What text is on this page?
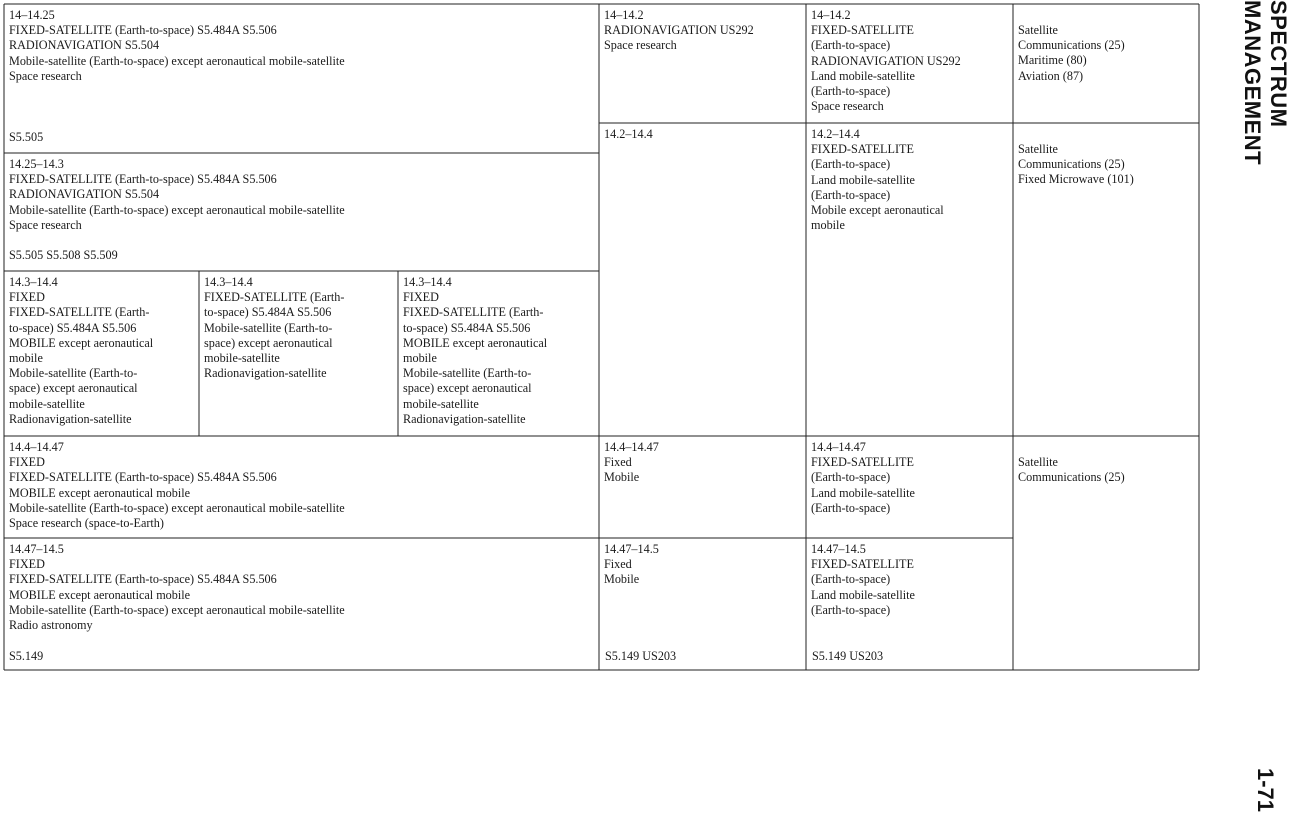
14–14.25
FIXED-SATELLITE (Earth-to-space) S5.484A S5.506
RADIONAVIGATION S5.504
Mobile-satellite (Earth-to-space) except aeronautical mobile-satellite
Space research
S5.505
14.25–14.3
FIXED-SATELLITE (Earth-to-space) S5.484A S5.506
RADIONAVIGATION S5.504
Mobile-satellite (Earth-to-space) except aeronautical mobile-satellite
Space research
S5.505 S5.508 S5.509
14.3–14.4
FIXED
FIXED-SATELLITE (Earth-
to-space) S5.484A S5.506
MOBILE except aeronautical
mobile
Mobile-satellite (Earth-to-
space) except aeronautical
mobile-satellite
Radionavigation-satellite
14.3–14.4
FIXED-SATELLITE (Earth-
to-space) S5.484A S5.506
Mobile-satellite (Earth-to-
space) except aeronautical
mobile-satellite
Radionavigation-satellite
14.3–14.4
FIXED
FIXED-SATELLITE (Earth-
to-space) S5.484A S5.506
MOBILE except aeronautical
mobile
Mobile-satellite (Earth-to-
space) except aeronautical
mobile-satellite
Radionavigation-satellite
14.4–14.47
FIXED
FIXED-SATELLITE (Earth-to-space) S5.484A S5.506
MOBILE except aeronautical mobile
Mobile-satellite (Earth-to-space) except aeronautical mobile-satellite
Space research (space-to-Earth)
14.47–14.5
FIXED
FIXED-SATELLITE (Earth-to-space) S5.484A S5.506
MOBILE except aeronautical mobile
Mobile-satellite (Earth-to-space) except aeronautical mobile-satellite
Radio astronomy
S5.149
14–14.2
RADIONAVIGATION US292
Space research
14.2–14.4
14.4–14.47
Fixed
Mobile
14.47–14.5
Fixed
Mobile
S5.149 US203
14–14.2
FIXED-SATELLITE
(Earth-to-space)
RADIONAVIGATION US292
Land mobile-satellite
(Earth-to-space)
Space research
14.2–14.4
FIXED-SATELLITE
(Earth-to-space)
Land mobile-satellite
(Earth-to-space)
Mobile except aeronautical
mobile
14.4–14.47
FIXED-SATELLITE
(Earth-to-space)
Land mobile-satellite
(Earth-to-space)
14.47–14.5
FIXED-SATELLITE
(Earth-to-space)
Land mobile-satellite
(Earth-to-space)
S5.149 US203
Satellite
Communications (25)
Maritime (80)
Aviation (87)
Satellite
Communications (25)
Fixed Microwave (101)
Satellite
Communications (25)
SPECTRUM MANAGEMENT
1-71
